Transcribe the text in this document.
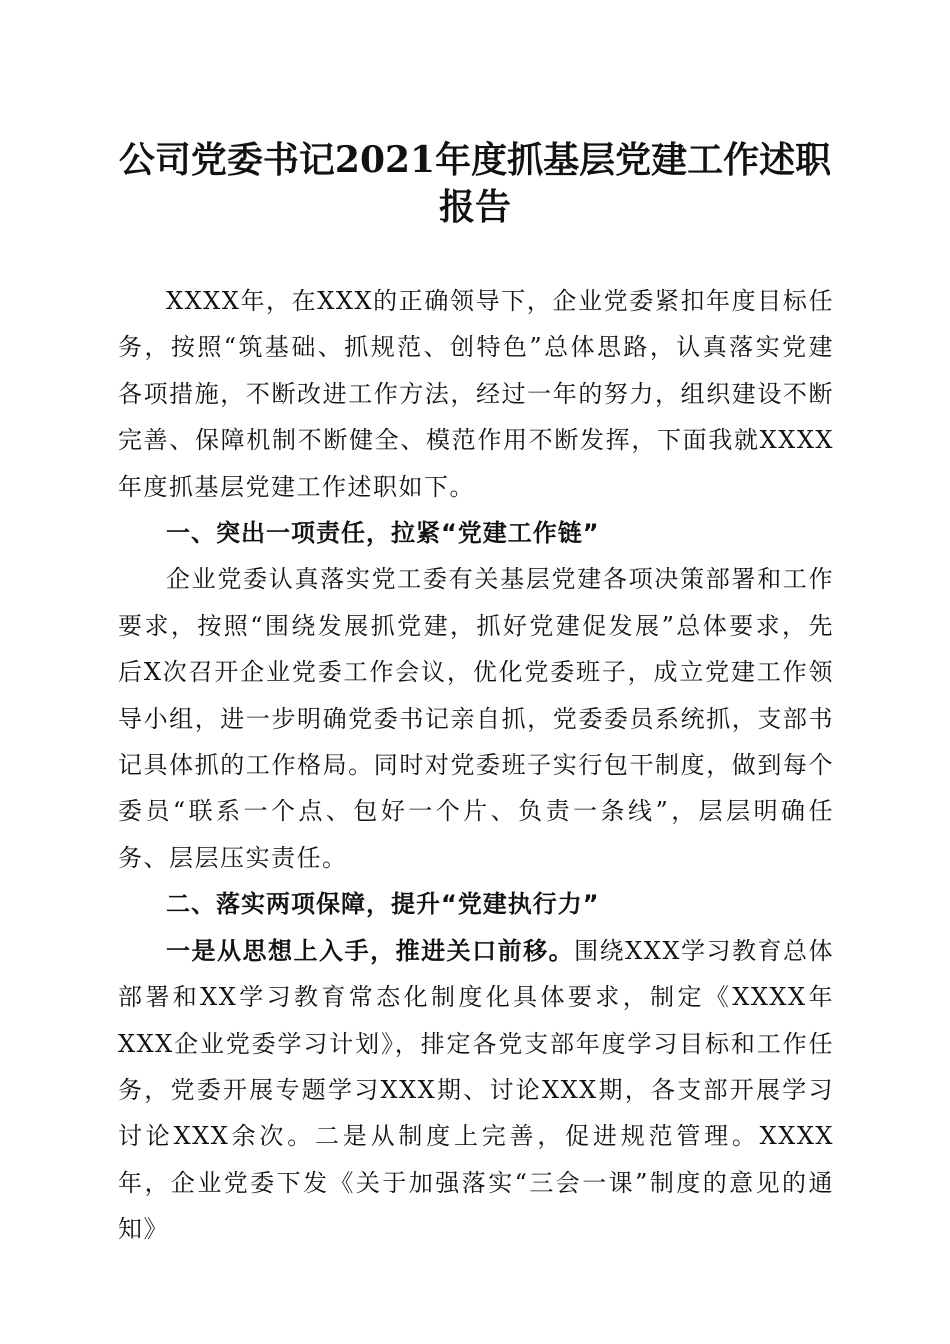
公司党委书记2021年度抓基层党建工作述职
报告

XXXX年，在XXX的正确领导下，企业党委紧扣年度目标任务，按照“筑基础、抓规范、创特色”总体思路，认真落实党建各项措施，不断改进工作方法，经过一年的努力，组织建设不断完善、保障机制不断健全、模范作用不断发挥，下面我就XXXX年度抓基层党建工作述职如下。

一、突出一项责任，拉紧“党建工作链”

企业党委认真落实党工委有关基层党建各项决策部署和工作要求，按照“围绕发展抓党建，抓好党建促发展”总体要求，先后X次召开企业党委工作会议，优化党委班子，成立党建工作领导小组，进一步明确党委书记亲自抓，党委委员系统抓，支部书记具体抓的工作格局。同时对党委班子实行包干制度，做到每个委员“联系一个点、包好一个片、负责一条线”，层层明确任务、层层压实责任。

二、落实两项保障，提升“党建执行力”

一是从思想上入手，推进关口前移。围绕XXX学习教育总体部署和XX学习教育常态化制度化具体要求，制定《XXXX年XXX企业党委学习计划》，排定各党支部年度学习目标和工作任务，党委开展专题学习XXX期、讨论XXX期，各支部开展学习讨论XXX余次。二是从制度上完善，促进规范管理。XXXX年，企业党委下发《关于加强落实“三会一课”制度的意见的通知》
